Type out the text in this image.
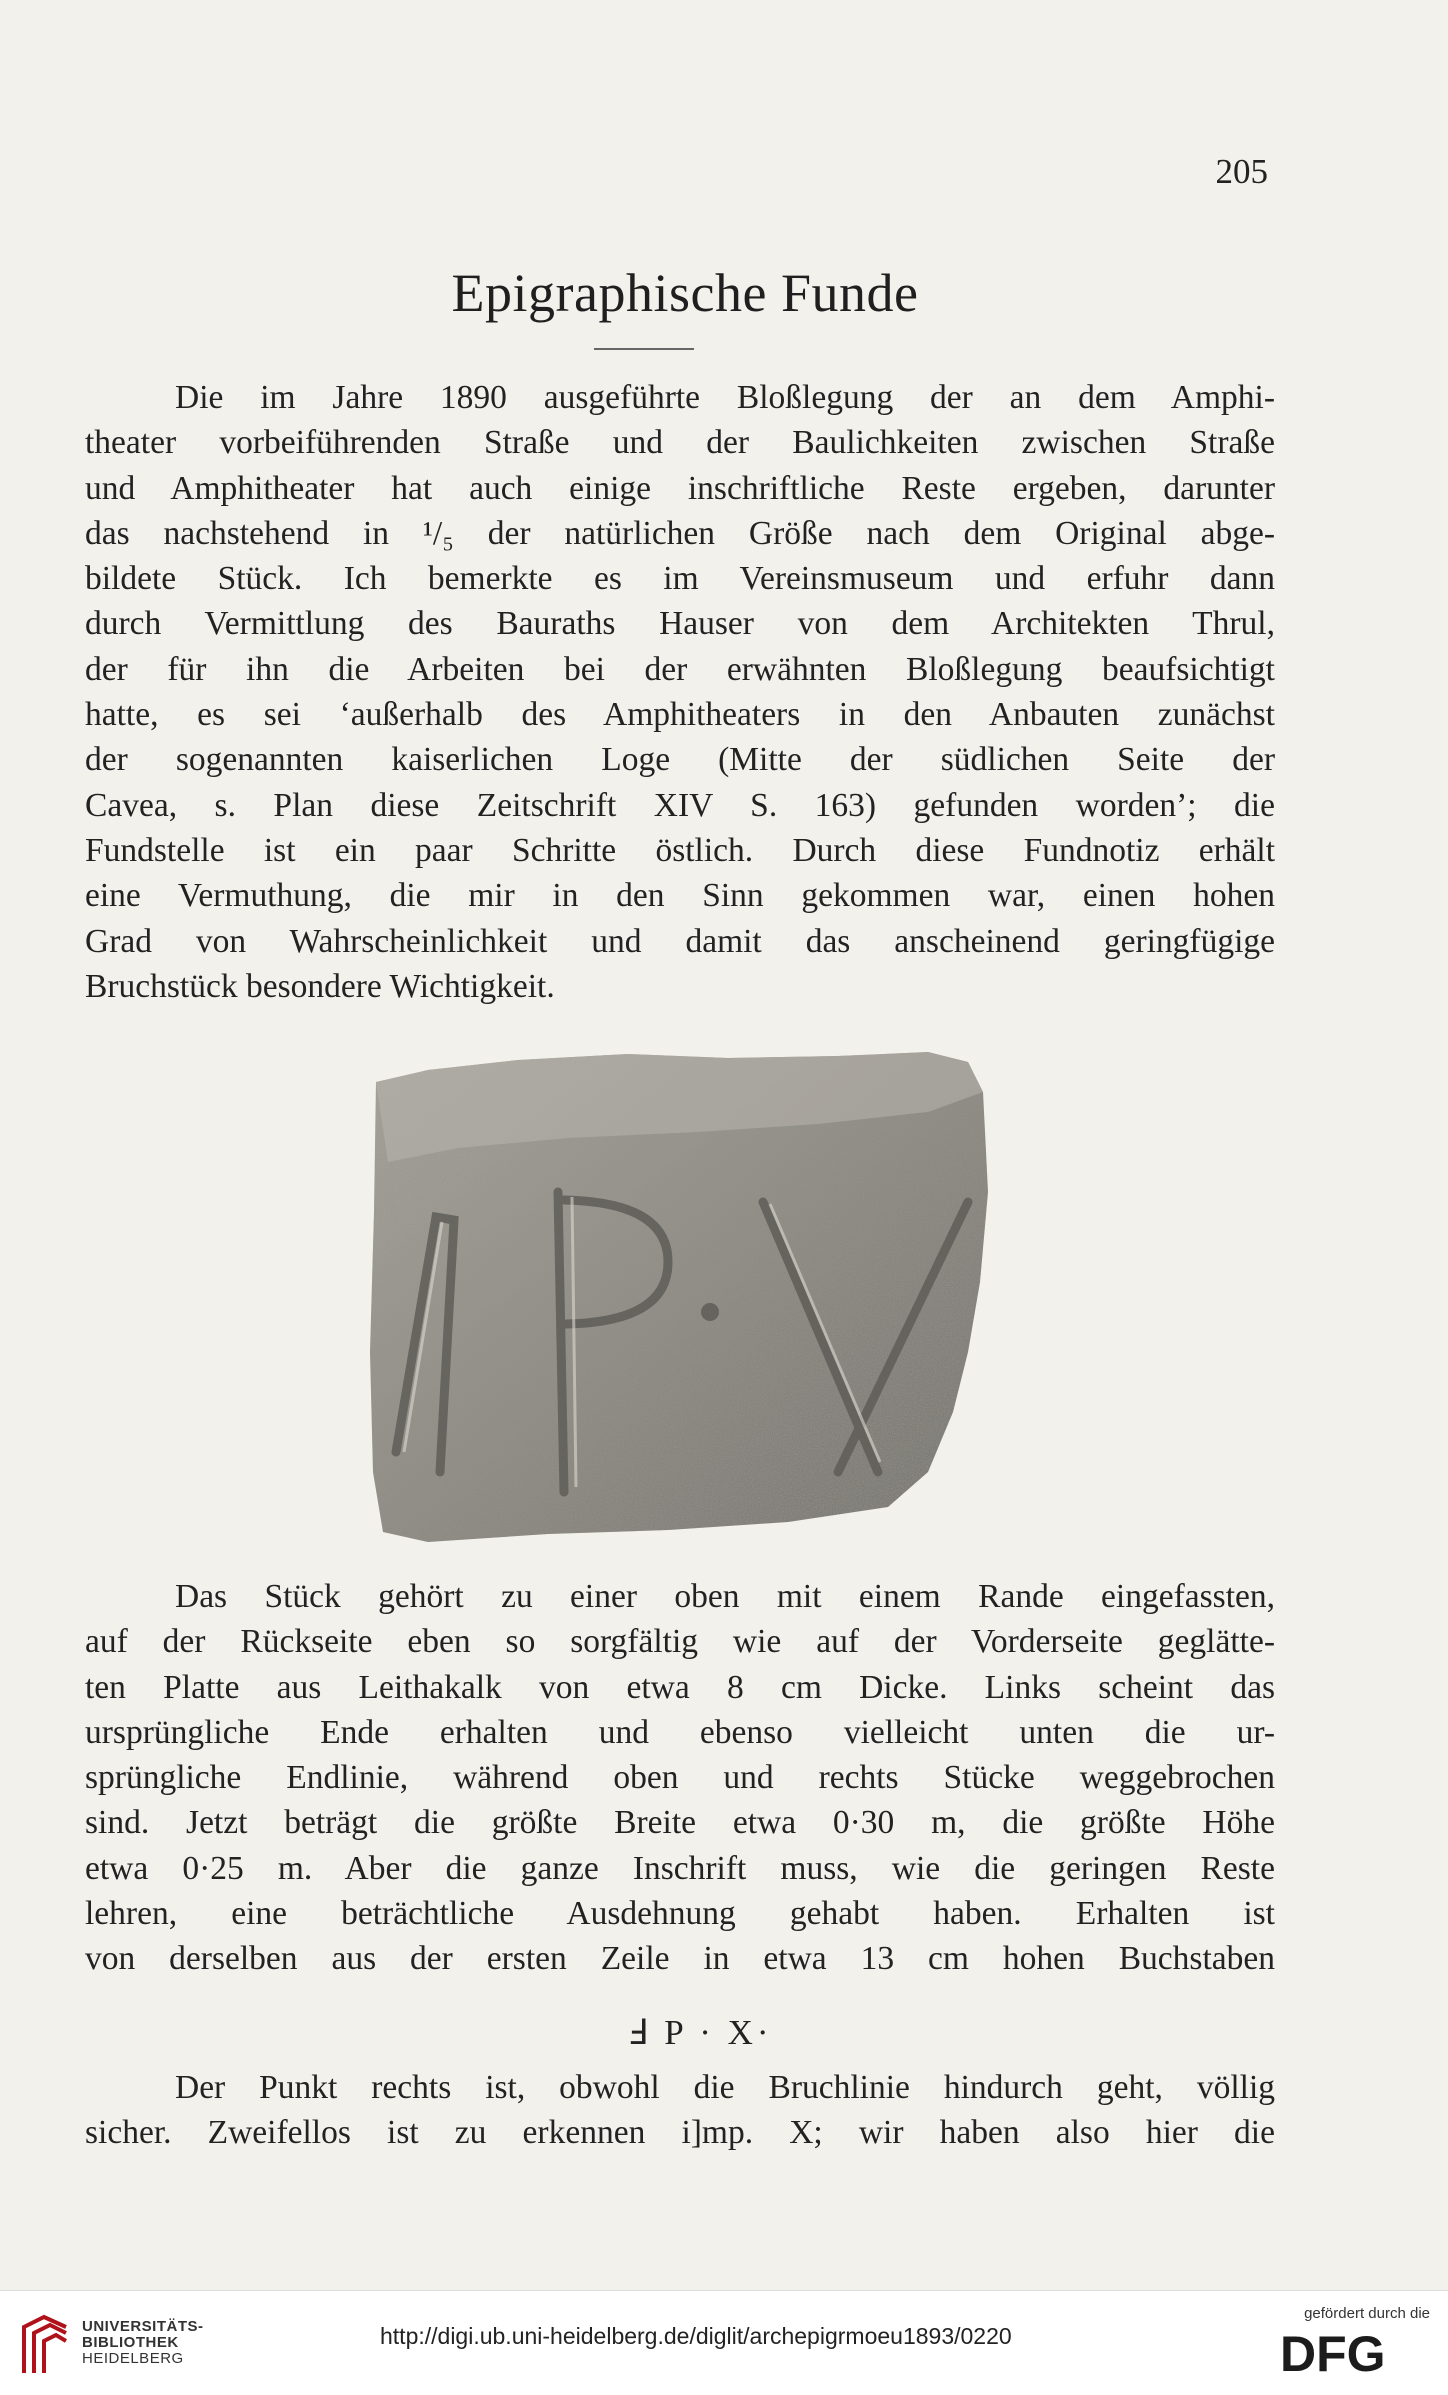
205
Epigraphische Funde
Die im Jahre 1890 ausgeführte Bloßlegung der an dem Amphi-
theater vorbeiführenden Straße und der Baulichkeiten zwischen Straße
und Amphitheater hat auch einige inschriftliche Reste ergeben, darunter
das nachstehend in ¹/₅ der natürlichen Größe nach dem Original abge-
bildete Stück. Ich bemerkte es im Vereinsmuseum und erfuhr dann
durch Vermittlung des Bauraths Hauser von dem Architekten Thrul,
der für ihn die Arbeiten bei der erwähnten Bloßlegung beaufsichtigt
hatte, es sei ‘außerhalb des Amphitheaters in den Anbauten zunächst
der sogenannten kaiserlichen Loge (Mitte der südlichen Seite der
Cavea, s. Plan diese Zeitschrift XIV S. 163) gefunden worden’; die
Fundstelle ist ein paar Schritte östlich. Durch diese Fundnotiz erhält
eine Vermuthung, die mir in den Sinn gekommen war, einen hohen
Grad von Wahrscheinlichkeit und damit das anscheinend geringfügige
Bruchstück besondere Wichtigkeit.
Das Stück gehört zu einer oben mit einem Rande eingefassten,
auf der Rückseite eben so sorgfältig wie auf der Vorderseite geglätte-
ten Platte aus Leithakalk von etwa 8 cm Dicke. Links scheint das
ursprüngliche Ende erhalten und ebenso vielleicht unten die ur-
sprüngliche Endlinie, während oben und rechts Stücke weggebrochen
sind. Jetzt beträgt die größte Breite etwa 0·30 m, die größte Höhe
etwa 0·25 m. Aber die ganze Inschrift muss, wie die geringen Reste
lehren, eine beträchtliche Ausdehnung gehabt haben. Erhalten ist
von derselben aus der ersten Zeile in etwa 13 cm hohen Buchstaben
Ⅎ P · X·
Der Punkt rechts ist, obwohl die Bruchlinie hindurch geht, völlig
sicher. Zweifellos ist zu erkennen i]mp. X; wir haben also hier die
UNIVERSITÄTS-
BIBLIOTHEK
HEIDELBERG
http://digi.ub.uni-heidelberg.de/diglit/archepigrmoeu1893/0220
gefördert durch die
DFG
